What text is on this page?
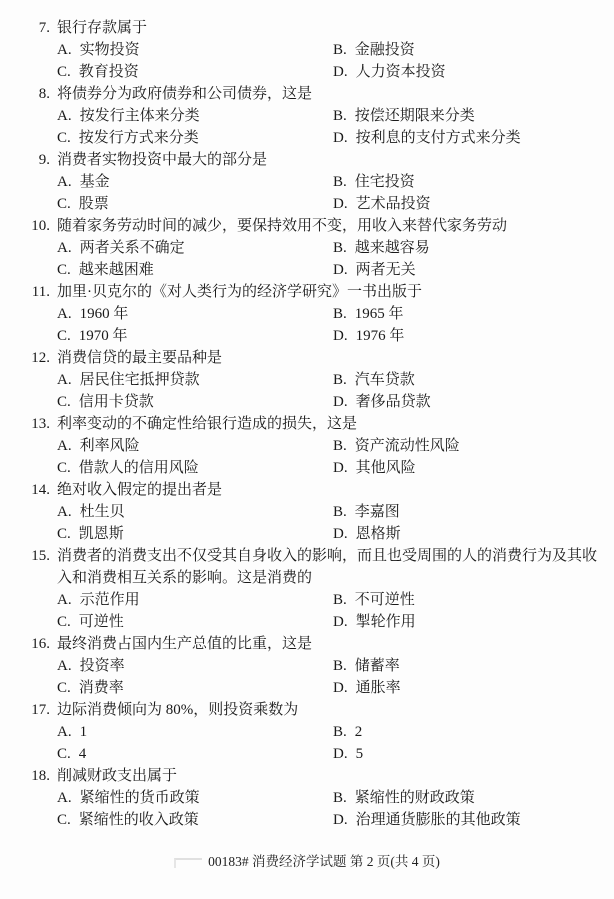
7. 银行存款属于
A. 实物投资	B. 金融投资
C. 教育投资	D. 人力资本投资
8. 将债券分为政府债券和公司债券，这是
A. 按发行主体来分类	B. 按偿还期限来分类
C. 按发行方式来分类	D. 按利息的支付方式来分类
9. 消费者实物投资中最大的部分是
A. 基金	B. 住宅投资
C. 股票	D. 艺术品投资
10. 随着家务劳动时间的减少，要保持效用不变，用收入来替代家务劳动
A. 两者关系不确定	B. 越来越容易
C. 越来越困难	D. 两者无关
11. 加里·贝克尔的《对人类行为的经济学研究》一书出版于
A. 1960 年	B. 1965 年
C. 1970 年	D. 1976 年
12. 消费信贷的最主要品种是
A. 居民住宅抵押贷款	B. 汽车贷款
C. 信用卡贷款	D. 奢侈品贷款
13. 利率变动的不确定性给银行造成的损失，这是
A. 利率风险	B. 资产流动性风险
C. 借款人的信用风险	D. 其他风险
14. 绝对收入假定的提出者是
A. 杜生贝	B. 李嘉图
C. 凯恩斯	D. 恩格斯
15. 消费者的消费支出不仅受其自身收入的影响，而且也受周围的人的消费行为及其收入和消费相互关系的影响。这是消费的
A. 示范作用	B. 不可逆性
C. 可逆性	D. 掣轮作用
16. 最终消费占国内生产总值的比重，这是
A. 投资率	B. 储蓄率
C. 消费率	D. 通胀率
17. 边际消费倾向为 80%，则投资乘数为
A. 1	B. 2
C. 4	D. 5
18. 削减财政支出属于
A. 紧缩性的货币政策	B. 紧缩性的财政政策
C. 紧缩性的收入政策	D. 治理通货膨胀的其他政策
00183# 消费经济学试题 第 2 页(共 4 页)
